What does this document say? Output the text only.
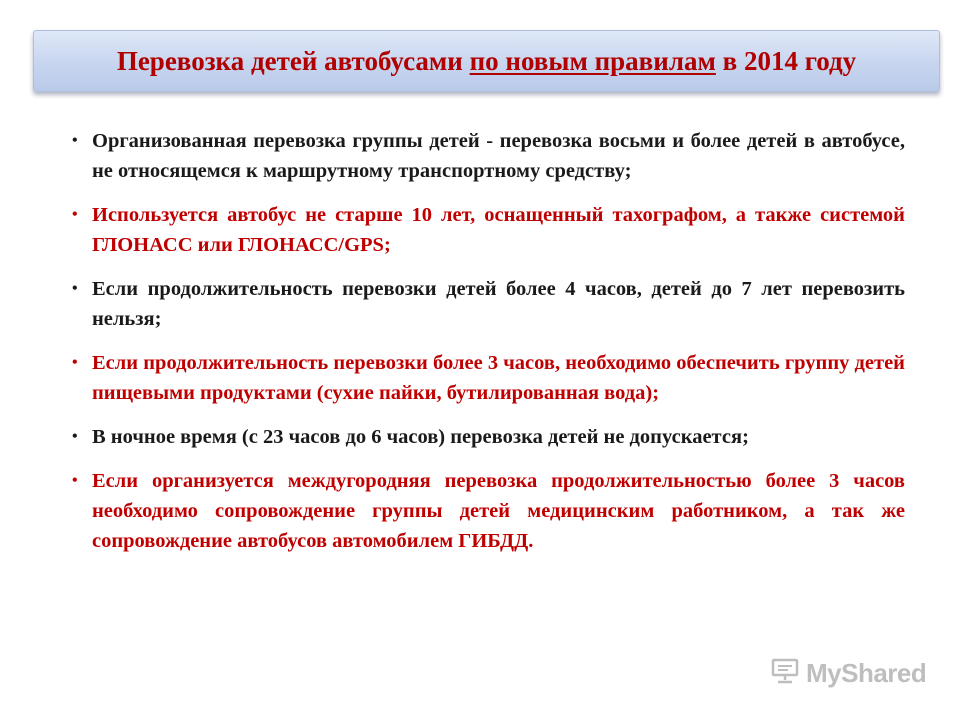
Перевозка детей автобусами по новым правилам в 2014 году
• Организованная перевозка группы детей - перевозка восьми и более детей в автобусе, не относящемся к маршрутному транспортному средству;
• Используется автобус не старше 10 лет, оснащенный тахографом, а также системой ГЛОНАСС или ГЛОНАСС/GPS;
• Если продолжительность перевозки детей более 4 часов, детей до 7 лет перевозить нельзя;
• Если продолжительность перевозки более 3 часов, необходимо обеспечить группу детей пищевыми продуктами (сухие пайки, бутилированная вода);
• В ночное время (с 23 часов до 6 часов) перевозка детей не допускается;
• Если организуется междугородняя перевозка продолжительностью более 3 часов необходимо сопровождение группы детей медицинским работником, а так же сопровождение автобусов автомобилем ГИБДД.
MyShared
